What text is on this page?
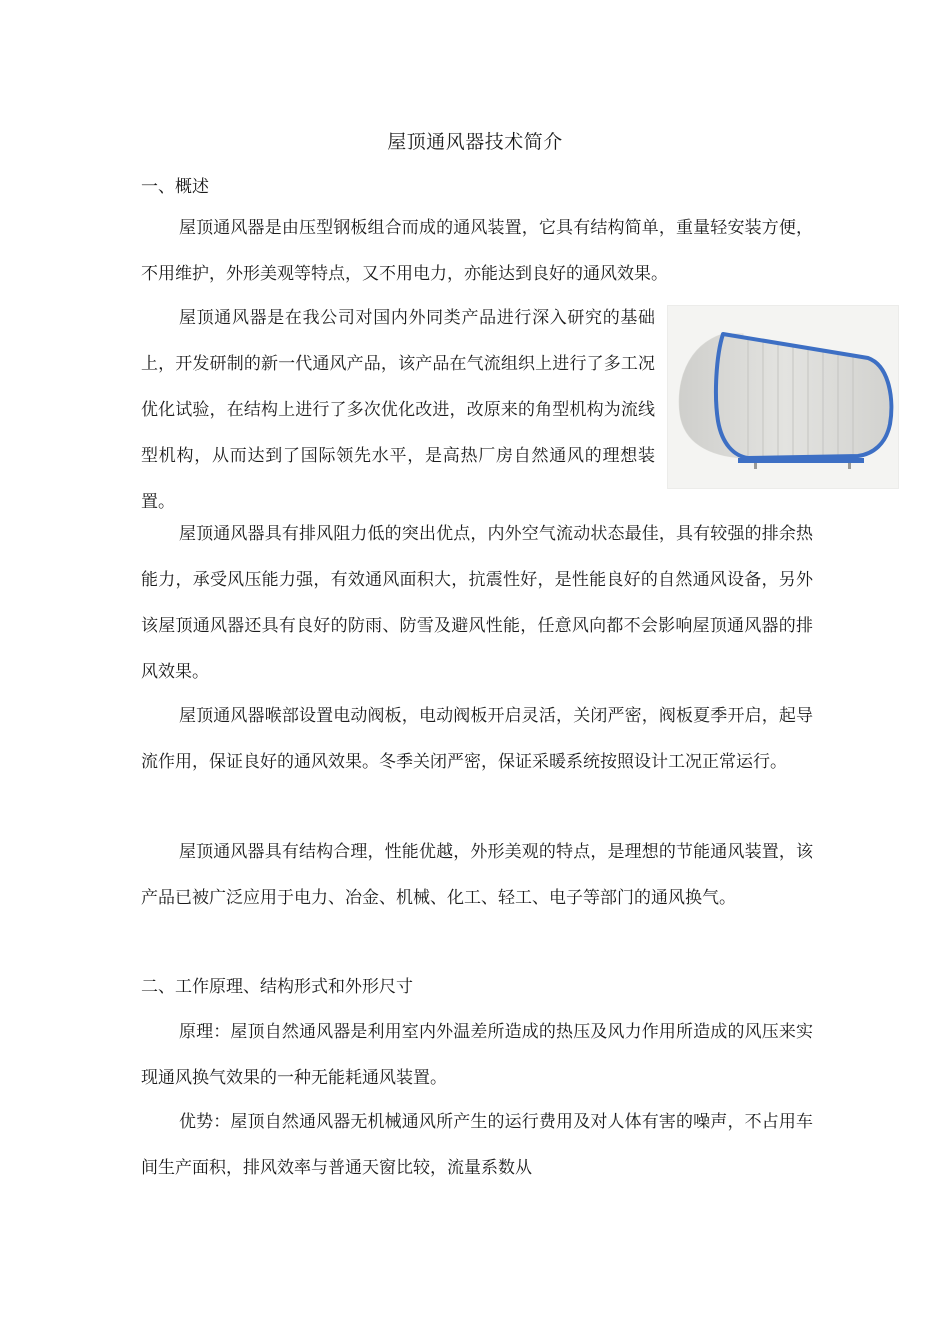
屋顶通风器技术简介
一、概述

屋顶通风器是由压型钢板组合而成的通风装置，它具有结构简单，重量轻安装方便，不用维护，外形美观等特点，又不用电力，亦能达到良好的通风效果。

屋顶通风器是在我公司对国内外同类产品进行深入研究的基础上，开发研制的新一代通风产品，该产品在气流组织上进行了多工况优化试验，在结构上进行了多次优化改进，改原来的角型机构为流线型机构，从而达到了国际领先水平，是高热厂房自然通风的理想装置。

屋顶通风器具有排风阻力低的突出优点，内外空气流动状态最佳，具有较强的排余热能力，承受风压能力强，有效通风面积大，抗震性好，是性能良好的自然通风设备，另外该屋顶通风器还具有良好的防雨、防雪及避风性能，任意风向都不会影响屋顶通风器的排风效果。

屋顶通风器喉部设置电动阀板，电动阀板开启灵活，关闭严密，阀板夏季开启，起导流作用，保证良好的通风效果。冬季关闭严密，保证采暖系统按照设计工况正常运行。

屋顶通风器具有结构合理，性能优越，外形美观的特点，是理想的节能通风装置，该产品已被广泛应用于电力、冶金、机械、化工、轻工、电子等部门的通风换气。

二、工作原理、结构形式和外形尺寸

原理：屋顶自然通风器是利用室内外温差所造成的热压及风力作用所造成的风压来实现通风换气效果的一种无能耗通风装置。

优势：屋顶自然通风器无机械通风所产生的运行费用及对人体有害的噪声，不占用车间生产面积，排风效率与普通天窗比较，流量系数从
